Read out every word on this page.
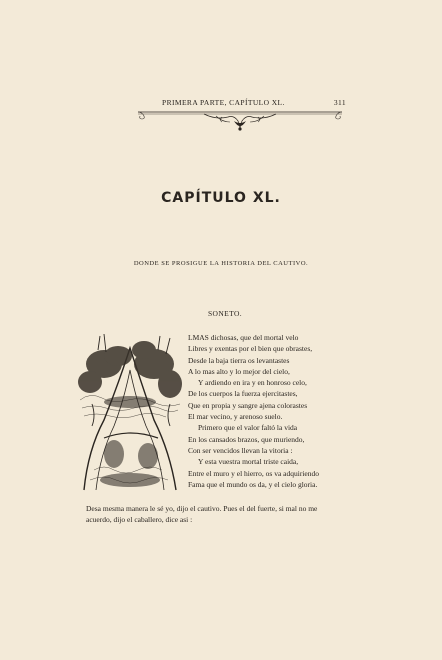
PRIMERA PARTE, CAPÍTULO XL.	311
CAPÍTULO XL.
DONDE SE PROSIGUE LA HISTORIA DEL CAUTIVO.
SONETO.
LMAS dichosas, que del mortal velo
Libres y exentas por el bien que obrastes,
Desde la baja tierra os levantastes
A lo mas alto y lo mejor del cielo,
Y ardiendo en ira y en honroso celo,
De los cuerpos la fuerza ejercitastes,
Que en propia y sangre ajena colorastes
El mar vecino, y arenoso suelo.
Primero que el valor faltó la vida
En los cansados brazos, que muriendo,
Con ser vencidos llevan la vitoria :
Y esta vuestra mortal triste caida,
Entre el muro y el hierro, os va adquiriendo
Fama que el mundo os da, y el cielo gloria.
Desa mesma manera le sé yo, dijo el cautivo. Pues el del fuerte, si mal no me
acuerdo, dijo el caballero, dice asi :
